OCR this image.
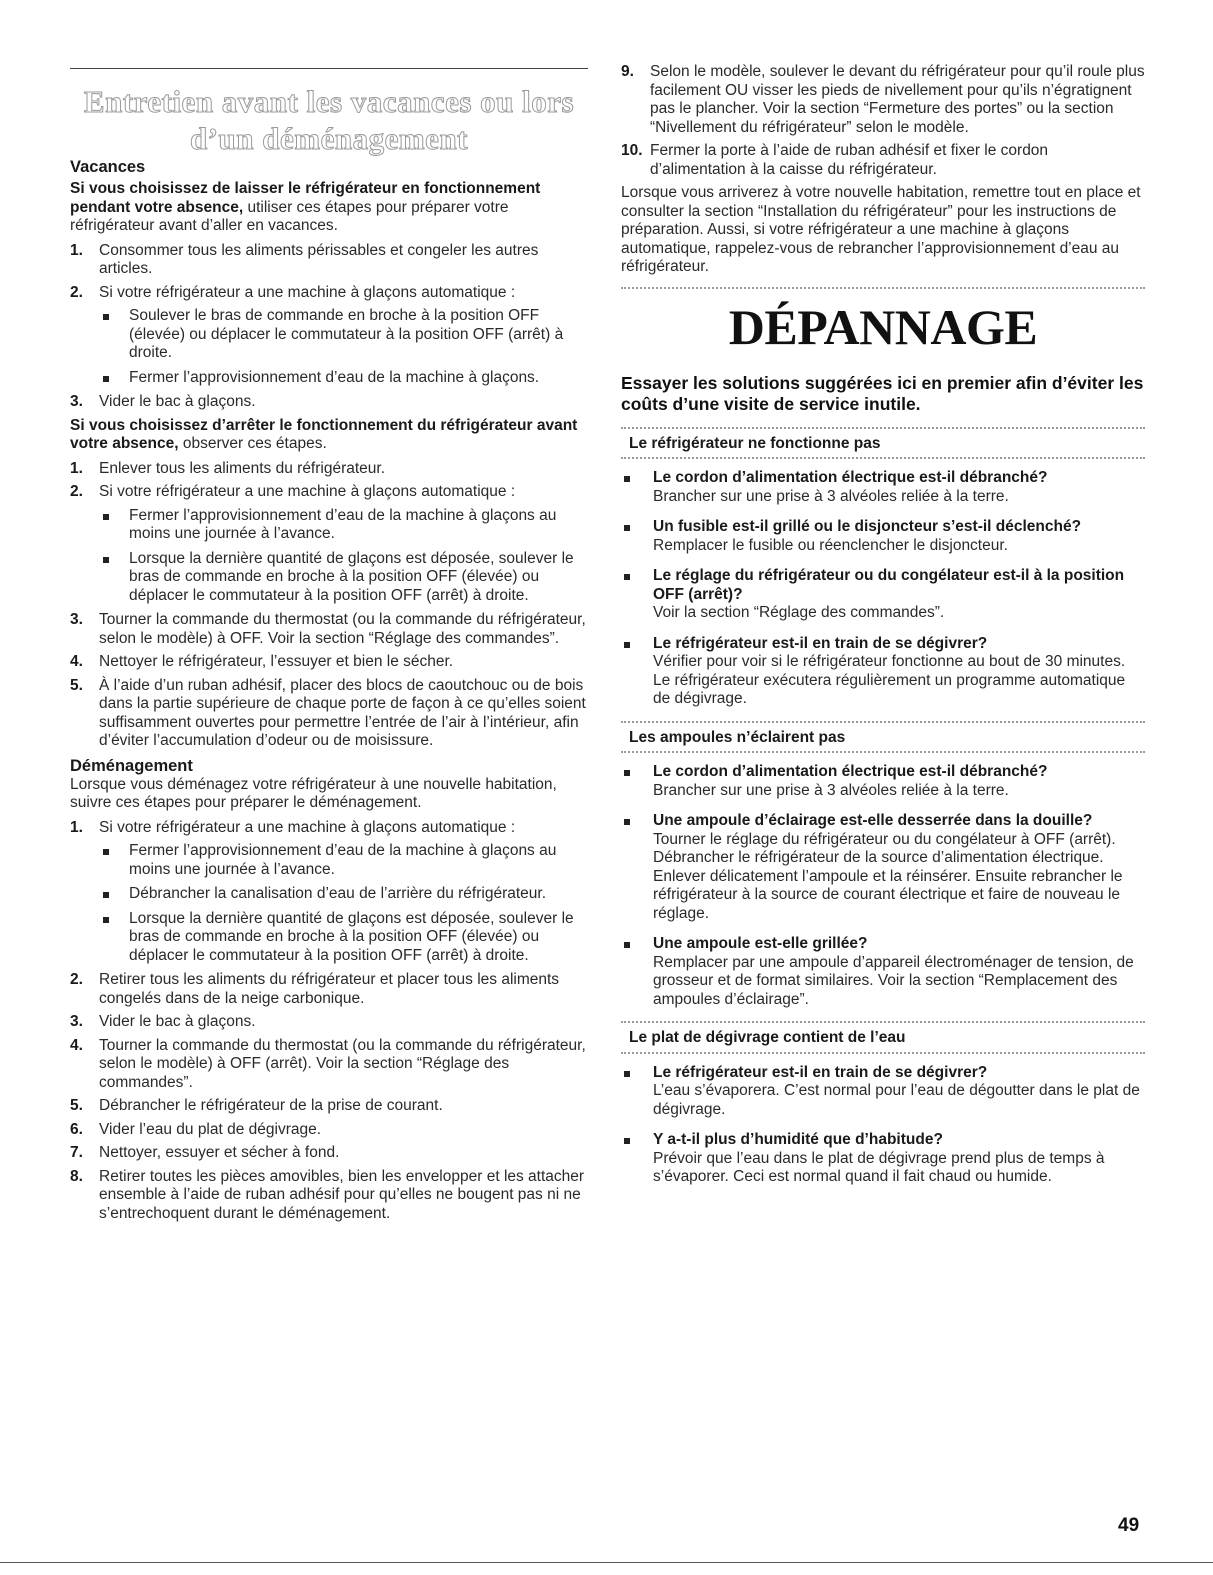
Entretien avant les vacances ou lors d’un déménagement
Vacances

Si vous choisissez de laisser le réfrigérateur en fonctionnement pendant votre absence, utiliser ces étapes pour préparer votre réfrigérateur avant d’aller en vacances.

1. Consommer tous les aliments périssables et congeler les autres articles.
2. Si votre réfrigérateur a une machine à glaçons automatique :
Soulever le bras de commande en broche à la position OFF (élevée) ou déplacer le commutateur à la position OFF (arrêt) à droite.
Fermer l’approvisionnement d’eau de la machine à glaçons.
3. Vider le bac à glaçons.

Si vous choisissez d’arrêter le fonctionnement du réfrigérateur avant votre absence, observer ces étapes.

1. Enlever tous les aliments du réfrigérateur.
2. Si votre réfrigérateur a une machine à glaçons automatique :
Fermer l’approvisionnement d’eau de la machine à glaçons au moins une journée à l’avance.
Lorsque la dernière quantité de glaçons est déposée, soulever le bras de commande en broche à la position OFF (élevée) ou déplacer le commutateur à la position OFF (arrêt) à droite.
3. Tourner la commande du thermostat (ou la commande du réfrigérateur, selon le modèle) à OFF. Voir la section “Réglage des commandes”.
4. Nettoyer le réfrigérateur, l’essuyer et bien le sécher.
5. À l’aide d’un ruban adhésif, placer des blocs de caoutchouc ou de bois dans la partie supérieure de chaque porte de façon à ce qu’elles soient suffisamment ouvertes pour permettre l’entrée de l’air à l’intérieur, afin d’éviter l’accumulation d’odeur ou de moisissure.
Déménagement

Lorsque vous déménagez votre réfrigérateur à une nouvelle habitation, suivre ces étapes pour préparer le déménagement.

1. Si votre réfrigérateur a une machine à glaçons automatique :
Fermer l’approvisionnement d’eau de la machine à glaçons au moins une journée à l’avance.
Débrancher la canalisation d’eau de l’arrière du réfrigérateur.
Lorsque la dernière quantité de glaçons est déposée, soulever le bras de commande en broche à la position OFF (élevée) ou déplacer le commutateur à la position OFF (arrêt) à droite.
2. Retirer tous les aliments du réfrigérateur et placer tous les aliments congelés dans de la neige carbonique.
3. Vider le bac à glaçons.
4. Tourner la commande du thermostat (ou la commande du réfrigérateur, selon le modèle) à OFF (arrêt). Voir la section “Réglage des commandes”.
5. Débrancher le réfrigérateur de la prise de courant.
6. Vider l’eau du plat de dégivrage.
7. Nettoyer, essuyer et sécher à fond.
8. Retirer toutes les pièces amovibles, bien les envelopper et les attacher ensemble à l’aide de ruban adhésif pour qu’elles ne bougent pas ni ne s’entrechoquent durant le déménagement.
9. Selon le modèle, soulever le devant du réfrigérateur pour qu’il roule plus facilement OU visser les pieds de nivellement pour qu’ils n’égratignent pas le plancher. Voir la section “Fermeture des portes” ou la section “Nivellement du réfrigérateur” selon le modèle.
10. Fermer la porte à l’aide de ruban adhésif et fixer le cordon d’alimentation à la caisse du réfrigérateur.

Lorsque vous arriverez à votre nouvelle habitation, remettre tout en place et consulter la section “Installation du réfrigérateur” pour les instructions de préparation. Aussi, si votre réfrigérateur a une machine à glaçons automatique, rappelez-vous de rebrancher l’approvisionnement d’eau au réfrigérateur.

DÉPANNAGE

Essayer les solutions suggérées ici en premier afin d’éviter les coûts d’une visite de service inutile.

Le réfrigérateur ne fonctionne pas
Le cordon d’alimentation électrique est-il débranché?
Brancher sur une prise à 3 alvéoles reliée à la terre.
Un fusible est-il grillé ou le disjoncteur s’est-il déclenché?
Remplacer le fusible ou réenclencher le disjoncteur.
Le réglage du réfrigérateur ou du congélateur est-il à la position OFF (arrêt)?
Voir la section “Réglage des commandes”.
Le réfrigérateur est-il en train de se dégivrer?
Vérifier pour voir si le réfrigérateur fonctionne au bout de 30 minutes. Le réfrigérateur exécutera régulièrement un programme automatique de dégivrage.
Les ampoules n’éclairent pas
Le cordon d’alimentation électrique est-il débranché?
Brancher sur une prise à 3 alvéoles reliée à la terre.
Une ampoule d’éclairage est-elle desserrée dans la douille?
Tourner le réglage du réfrigérateur ou du congélateur à OFF (arrêt). Débrancher le réfrigérateur de la source d’alimentation électrique. Enlever délicatement l’ampoule et la réinsérer. Ensuite rebrancher le réfrigérateur à la source de courant électrique et faire de nouveau le réglage.
Une ampoule est-elle grillée?
Remplacer par une ampoule d’appareil électroménager de tension, de grosseur et de format similaires. Voir la section “Remplacement des ampoules d’éclairage”.
Le plat de dégivrage contient de l’eau
Le réfrigérateur est-il en train de se dégivrer?
L’eau s’évaporera. C’est normal pour l’eau de dégoutter dans le plat de dégivrage.
Y a-t-il plus d’humidité que d’habitude?
Prévoir que l’eau dans le plat de dégivrage prend plus de temps à s’évaporer. Ceci est normal quand il fait chaud ou humide.
49
